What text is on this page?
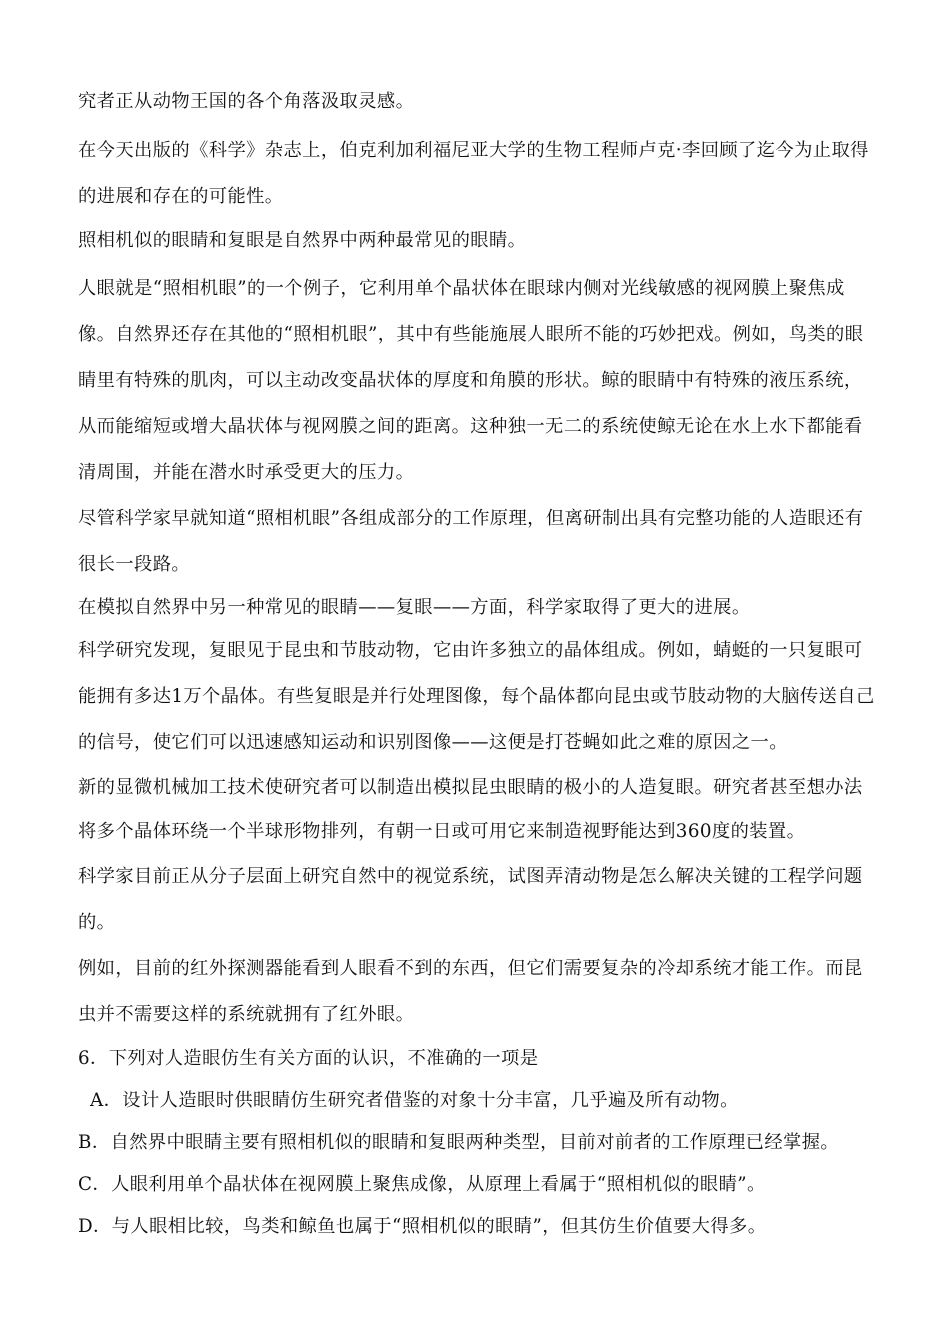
究者正从动物王国的各个角落汲取灵感。

在今天出版的《科学》杂志上，伯克利加利福尼亚大学的生物工程师卢克·李回顾了迄今为止取得的进展和存在的可能性。

照相机似的眼睛和复眼是自然界中两种最常见的眼睛。

人眼就是“照相机眼”的一个例子，它利用单个晶状体在眼球内侧对光线敏感的视网膜上聚焦成像。自然界还存在其他的“照相机眼”，其中有些能施展人眼所不能的巧妙把戏。例如，鸟类的眼睛里有特殊的肌肉，可以主动改变晶状体的厚度和角膜的形状。鲸的眼睛中有特殊的液压系统，从而能缩短或增大晶状体与视网膜之间的距离。这种独一无二的系统使鲸无论在水上水下都能看清周围，并能在潜水时承受更大的压力。

尽管科学家早就知道“照相机眼”各组成部分的工作原理，但离研制出具有完整功能的人造眼还有很长一段路。

在模拟自然界中另一种常见的眼睛——复眼——方面，科学家取得了更大的进展。

科学研究发现，复眼见于昆虫和节肢动物，它由许多独立的晶体组成。例如，蜻蜓的一只复眼可能拥有多达1万个晶体。有些复眼是并行处理图像，每个晶体都向昆虫或节肢动物的大脑传送自己的信号，使它们可以迅速感知运动和识别图像——这便是打苍蝇如此之难的原因之一。

新的显微机械加工技术使研究者可以制造出模拟昆虫眼睛的极小的人造复眼。研究者甚至想办法将多个晶体环绕一个半球形物排列，有朝一日或可用它来制造视野能达到360度的装置。

科学家目前正从分子层面上研究自然中的视觉系统，试图弄清动物是怎么解决关键的工程学问题的。

例如，目前的红外探测器能看到人眼看不到的东西，但它们需要复杂的冷却系统才能工作。而昆虫并不需要这样的系统就拥有了红外眼。

6．下列对人造眼仿生有关方面的认识，不准确的一项是

A．设计人造眼时供眼睛仿生研究者借鉴的对象十分丰富，几乎遍及所有动物。

B．自然界中眼睛主要有照相机似的眼睛和复眼两种类型，目前对前者的工作原理已经掌握。

C．人眼利用单个晶状体在视网膜上聚焦成像，从原理上看属于“照相机似的眼睛”。

D．与人眼相比较，鸟类和鲸鱼也属于“照相机似的眼睛”，但其仿生价值要大得多。
